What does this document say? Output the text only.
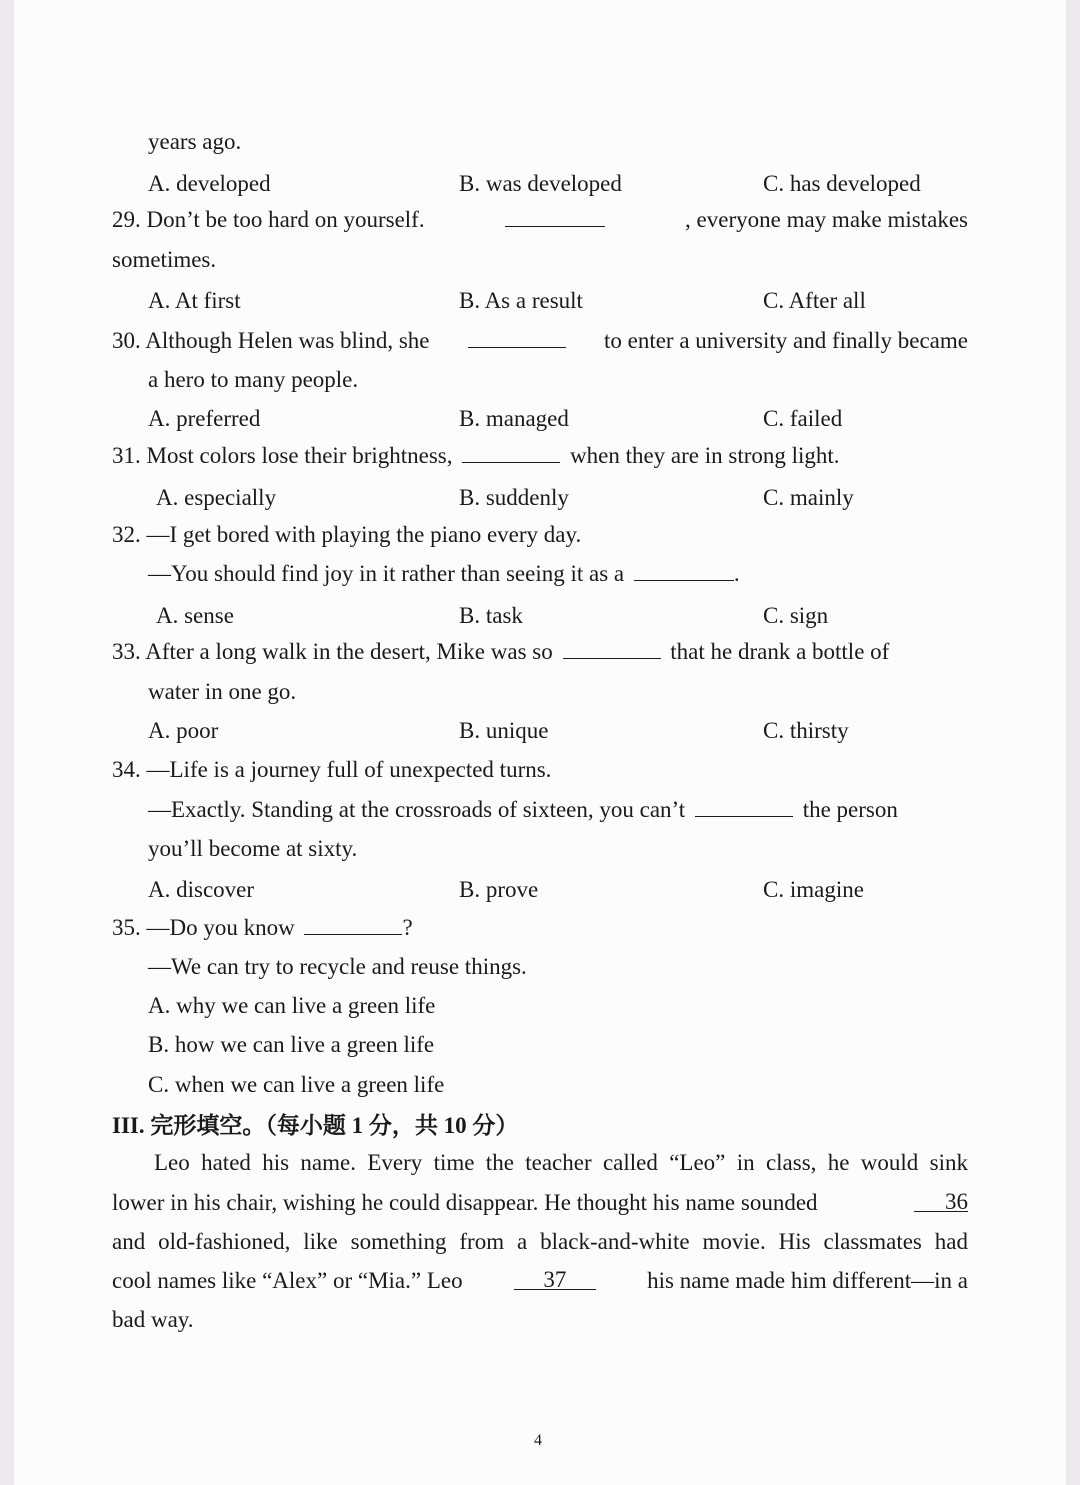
years ago.
A. developed	B. was developed	C. has developed
29. Don’t be too hard on yourself.	, everyone may make mistakes
sometimes.
A. At first	B. As a result	C. After all
30. Although Helen was blind, she	to enter a university and finally became
a hero to many people.
A. preferred	B. managed	C. failed
31. Most colors lose their brightness,	when they are in strong light.
A. especially	B. suddenly	C. mainly
32. —I get bored with playing the piano every day.
—You should find joy in it rather than seeing it as a	.
A. sense	B. task	C. sign
33. After a long walk in the desert, Mike was so	that he drank a bottle of
water in one go.
A. poor	B. unique	C. thirsty
34. —Life is a journey full of unexpected turns.
—Exactly. Standing at the crossroads of sixteen, you can’t	the person
you’ll become at sixty.
A. discover	B. prove	C. imagine
35. —Do you know	?
—We can try to recycle and reuse things.
A. why we can live a green life
B. how we can live a green life
C. when we can live a green life
III. 完形填空。（每小题 1 分，共 10 分）
Leo hated his name. Every time the teacher called “Leo” in class, he would sink
lower in his chair, wishing he could disappear. He thought his name sounded	36
and old-fashioned, like something from a black-and-white movie. His classmates had
cool names like “Alex” or “Mia.” Leo	37	his name made him different—in a
bad way.
4
